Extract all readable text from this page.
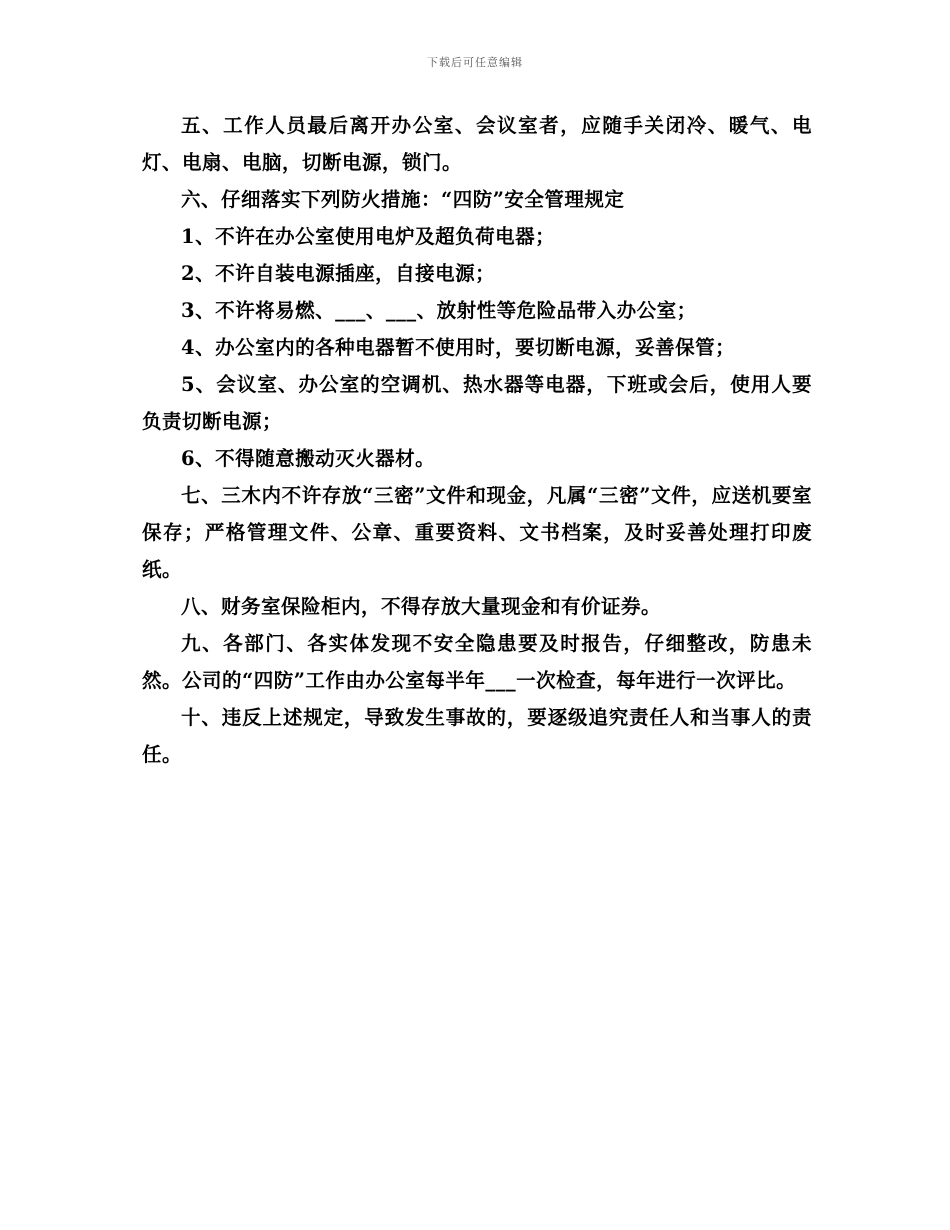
下载后可任意编辑

五、工作人员最后离开办公室、会议室者，应随手关闭冷、暖气、电灯、电扇、电脑，切断电源，锁门。

六、仔细落实下列防火措施：“四防”安全管理规定

1、不许在办公室使用电炉及超负荷电器；

2、不许自装电源插座，自接电源；

3、不许将易燃、___、___、放射性等危险品带入办公室；

4、办公室内的各种电器暂不使用时，要切断电源，妥善保管；

5、会议室、办公室的空调机、热水器等电器，下班或会后，使用人要负责切断电源；

6、不得随意搬动灭火器材。

七、三木内不许存放“三密”文件和现金，凡属“三密”文件，应送机要室保存；严格管理文件、公章、重要资料、文书档案，及时妥善处理打印废纸。

八、财务室保险柜内，不得存放大量现金和有价证券。

九、各部门、各实体发现不安全隐患要及时报告，仔细整改，防患未然。公司的“四防”工作由办公室每半年___一次检查，每年进行一次评比。

十、违反上述规定，导致发生事故的，要逐级追究责任人和当事人的责任。
